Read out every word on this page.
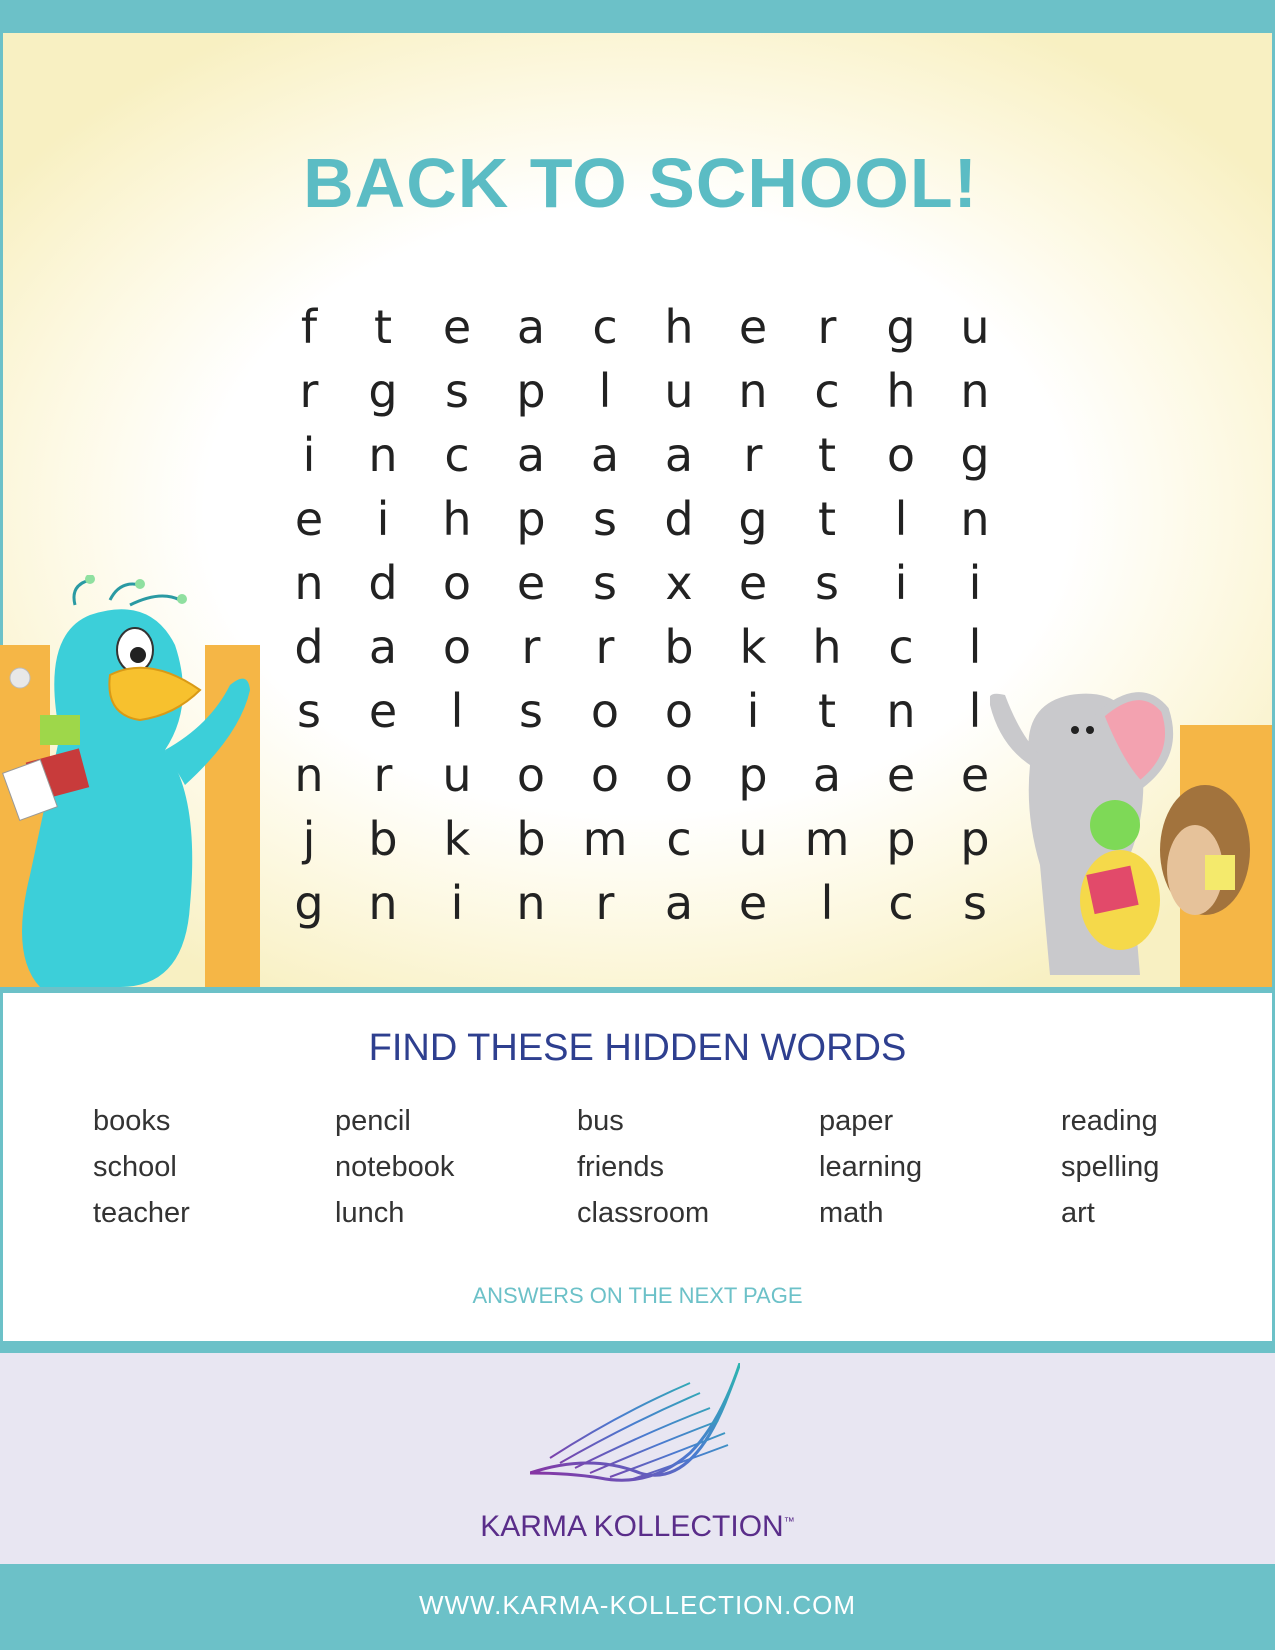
BACK TO SCHOOL!
f	t	e a	c	h e	r	g u
r	g	s	p	l	u n	c	h n
i	n	c	a a a	r	t	o g
e	i	h p	s	d g	t	l	n
n d o e	s	x	e	s	i	i
d a o	r	r	b	k	h	c	l
s	e	l	s	o o	i	t	n	l
n	r	u o o o p a e e
j	b	k	b m c	u m p p
g n	i	n	r	a e	l	c	s
FIND THESE HIDDEN WORDS
books	pencil	bus	paper	reading
school	notebook	friends	learning	spelling
teacher	lunch	classroom	math	art
ANSWERS ON THE NEXT PAGE
KARMA KOLLECTION™
WWW.KARMA-KOLLECTION.COM
